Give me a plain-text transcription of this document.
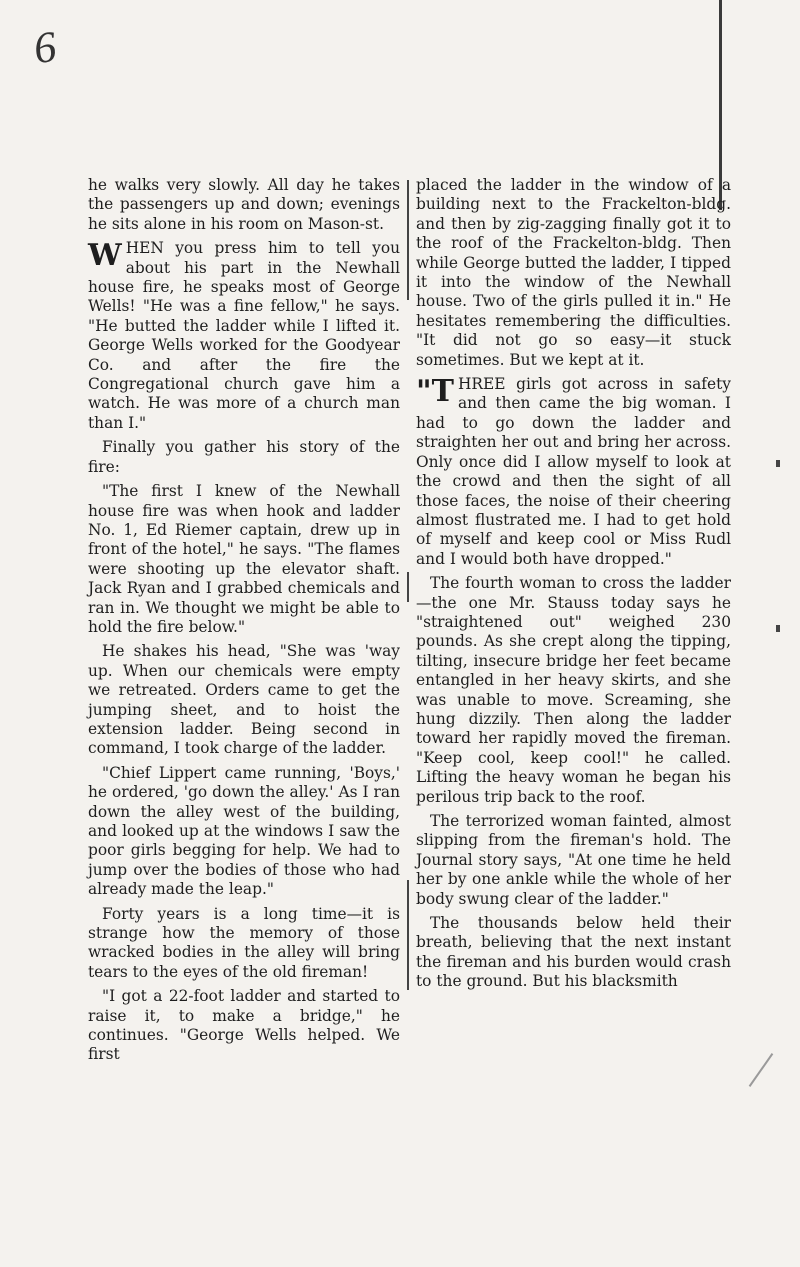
6

he walks very slowly. All day he takes the passengers up and down; evenings he sits alone in his room on Mason-st.

WHEN you press him to tell you about his part in the Newhall house fire, he speaks most of George Wells! "He was a fine fellow," he says. "He butted the ladder while I lifted it. George Wells worked for the Goodyear Co. and after the fire the Congregational church gave him a watch. He was more of a church man than I."

Finally you gather his story of the fire:

"The first I knew of the Newhall house fire was when hook and ladder No. 1, Ed Riemer captain, drew up in front of the hotel," he says. "The flames were shooting up the elevator shaft. Jack Ryan and I grabbed chemicals and ran in. We thought we might be able to hold the fire below."

He shakes his head, "She was 'way up. When our chemicals were empty we retreated. Orders came to get the jumping sheet, and to hoist the extension ladder. Being second in command, I took charge of the ladder.

"Chief Lippert came running, 'Boys,' he ordered, 'go down the alley.' As I ran down the alley west of the building, and looked up at the windows I saw the poor girls begging for help. We had to jump over the bodies of those who had already made the leap."

Forty years is a long time—it is strange how the memory of those wracked bodies in the alley will bring tears to the eyes of the old fireman!

"I got a 22-foot ladder and started to raise it, to make a bridge," he continues. "George Wells helped. We first

placed the ladder in the window of a building next to the Frackelton-bldg. and then by zig-zagging finally got it to the roof of the Frackelton-bldg. Then while George butted the ladder, I tipped it into the window of the Newhall house. Two of the girls pulled it in." He hesitates remembering the difficulties. "It did not go so easy—it stuck sometimes. But we kept at it.

"THREE girls got across in safety and then came the big woman. I had to go down the ladder and straighten her out and bring her across. Only once did I allow myself to look at the crowd and then the sight of all those faces, the noise of their cheering almost flustrated me. I had to get hold of myself and keep cool or Miss Rudl and I would both have dropped."

The fourth woman to cross the ladder—the one Mr. Stauss today says he "straightened out" weighed 230 pounds. As she crept along the tipping, tilting, insecure bridge her feet became entangled in her heavy skirts, and she was unable to move. Screaming, she hung dizzily. Then along the ladder toward her rapidly moved the fireman. "Keep cool, keep cool!" he called. Lifting the heavy woman he began his perilous trip back to the roof.

The terrorized woman fainted, almost slipping from the fireman's hold. The Journal story says, "At one time he held her by one ankle while the whole of her body swung clear of the ladder."

The thousands below held their breath, believing that the next instant the fireman and his burden would crash to the ground. But his blacksmith
